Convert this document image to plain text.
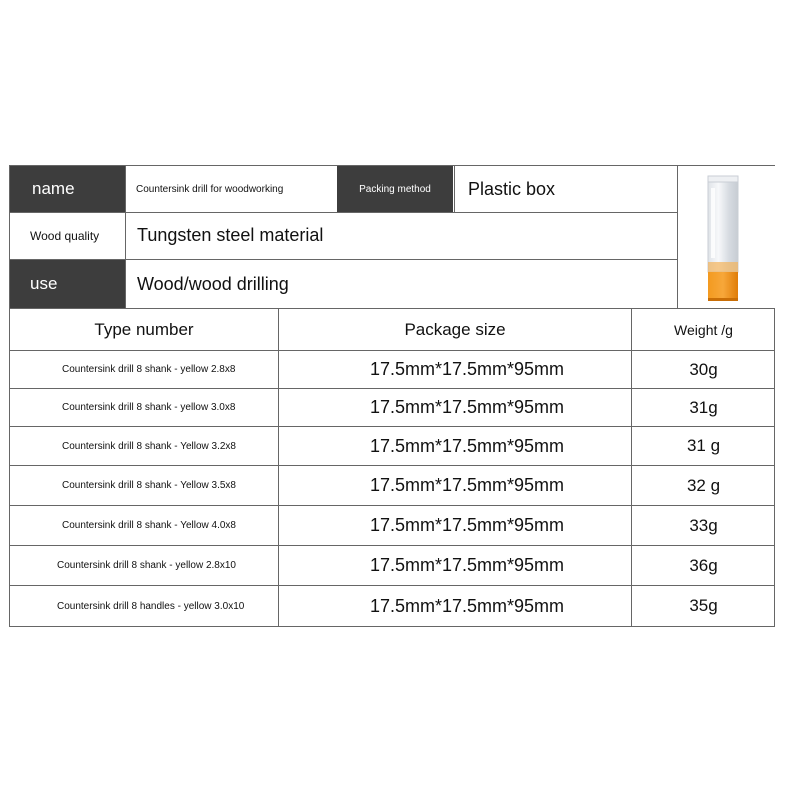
name	Countersink drill for woodworking	Packing method	Plastic box
Wood quality	Tungsten steel material
use	Wood/wood drilling
Type number	Package size	Weight /g
Countersink drill 8 shank - yellow 2.8x8	17.5mm*17.5mm*95mm	30g
Countersink drill 8 shank - yellow 3.0x8	17.5mm*17.5mm*95mm	31g
Countersink drill 8 shank - Yellow 3.2x8	17.5mm*17.5mm*95mm	31 g
Countersink drill 8 shank - Yellow 3.5x8	17.5mm*17.5mm*95mm	32 g
Countersink drill 8 shank - Yellow 4.0x8	17.5mm*17.5mm*95mm	33g
Countersink drill 8 shank - yellow 2.8x10	17.5mm*17.5mm*95mm	36g
Countersink drill 8 handles - yellow 3.0x10	17.5mm*17.5mm*95mm	35g
